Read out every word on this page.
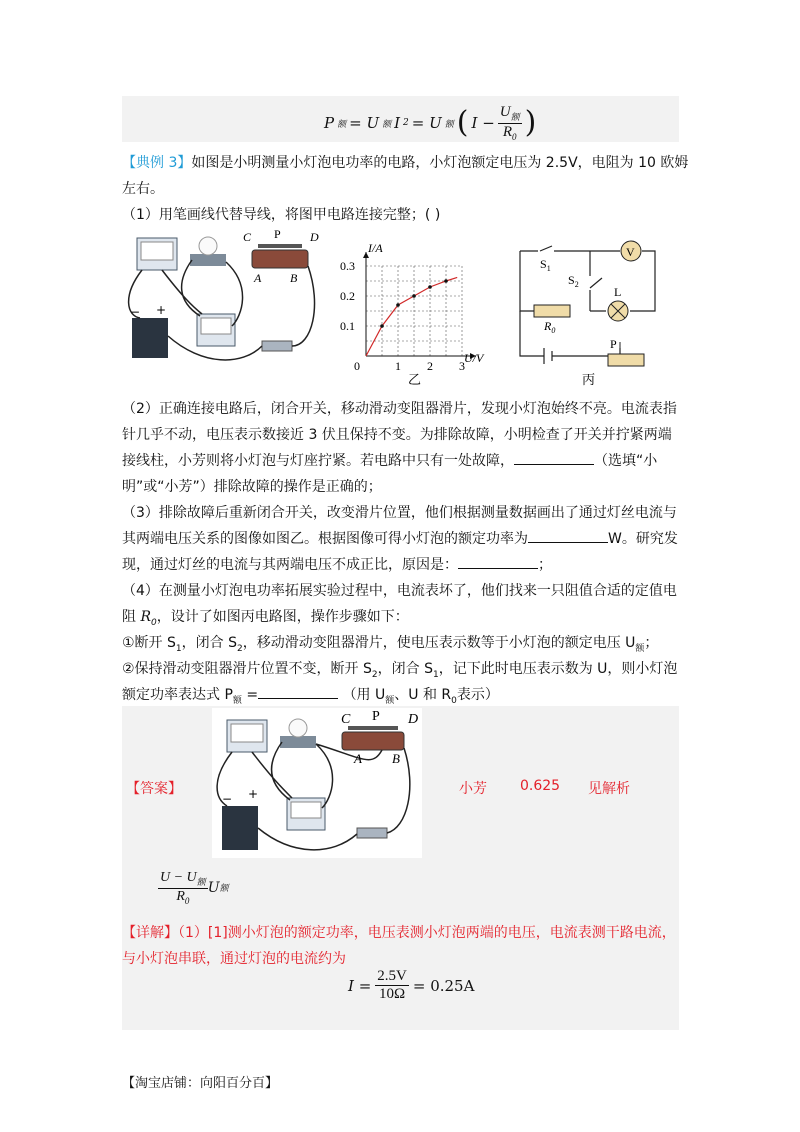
P 额 = U 额 I 2 = U 额 ( $I - \frac{U_额}{R_0}$ )
【典例 3】如图是小明测量小灯泡电功率的电路，小灯泡额定电压为 2.5V，电阻为 10 欧姆
左右。
（1）用笔画线代替导线，将图甲电路连接完整；( )
C P D
A B
− +
0.1
0.2
0.3
1 2 3
0
I/A
U/V
乙
V
$S_1$
$S_2$
L
$R_0$
P
丙
（2）正确连接电路后，闭合开关，移动滑动变阻器滑片，发现小灯泡始终不亮。电流表指
针几乎不动，电压表示数接近 3 伏且保持不变。为排除故障，小明检查了开关并拧紧两端
接线柱，小芳则将小灯泡与灯座拧紧。若电路中只有一处故障，	（选填“小
明”或“小芳”）排除故障的操作是正确的；
（3）排除故障后重新闭合开关，改变滑片位置，他们根据测量数据画出了通过灯丝电流与
其两端电压关系的图像如图乙。根据图像可得小灯泡的额定功率为	W。研究发
现，通过灯丝的电流与其两端电压不成正比，原因是：	；
（4）在测量小灯泡电功率拓展实验过程中，电流表坏了，他们找来一只阻值合适的定值电
阻 $R_0$，设计了如图丙电路图，操作步骤如下：
①断开 $S_1$，闭合 $S_2$，移动滑动变阻器滑片，使电压表示数等于小灯泡的额定电压 $U_额$；
②保持滑动变阻器滑片位置不变，断开 $S_2$，闭合 $S_1$，记下此时电压表示数为 U，则小灯泡
额定功率表达式 $P_额$ =	（用 $U_额$、U 和 $R_0$表示）
C P D
A B
− +
【答案】	小芳 0.625 见解析
$\frac{U - U_额}{R_0}$ U 额
【详解】（1）[1]测小灯泡的额定功率，电压表测小灯泡两端的电压，电流表测干路电流，
与小灯泡串联，通过灯泡的电流约为
$I = \frac{2.5V}{10\Omega} = 0.25A$
【淘宝店铺：向阳百分百】
